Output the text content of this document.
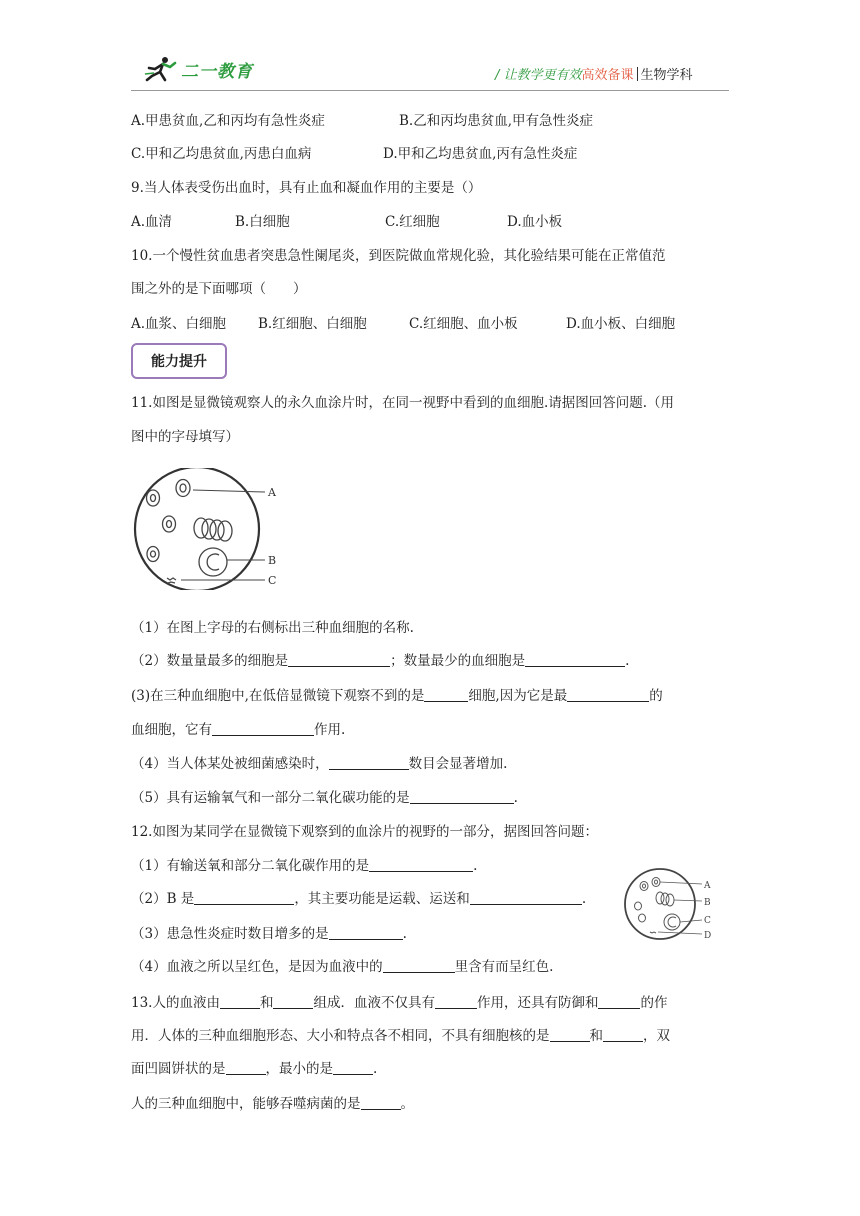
二一教育	/ 让教学更有效高效备课 生物学科
A.甲患贫血,乙和丙均有急性炎症	B.乙和丙均患贫血,甲有急性炎症
C.甲和乙均患贫血,丙患白血病	D.甲和乙均患贫血,丙有急性炎症
9.当人体表受伤出血时，具有止血和凝血作用的主要是（）
A.血清	B.白细胞	C.红细胞	D.血小板
10.一个慢性贫血患者突患急性阑尾炎，到医院做血常规化验，其化验结果可能在正常值范
围之外的是下面哪项（　　）
A.血浆、白细胞 B.红细胞、白细胞	C.红细胞、血小板	D.血小板、白细胞
能力提升
11.如图是显微镜观察人的永久血涂片时，在同一视野中看到的血细胞.请据图回答问题.（用
图中的字母填写）
A
B
C
（1）在图上字母的右侧标出三种血细胞的名称.
（2）数量量最多的细胞是	；数量最少的血细胞是	.
(3)在三种血细胞中,在低倍显微镜下观察不到的是	细胞,因为它是最	的
血细胞，它有	作用.
（4）当人体某处被细菌感染时，	数目会显著增加.
（5）具有运输氧气和一部分二氧化碳功能的是	.
12.如图为某同学在显微镜下观察到的血涂片的视野的一部分，据图回答问题：
（1）有输送氧和部分二氧化碳作用的是	.
（2）B 是	，其主要功能是运载、运送和	.
（3）患急性炎症时数目增多的是	.
（4）血液之所以呈红色，是因为血液中的	里含有而呈红色.
A
B
C
D
13.人的血液由	和	组成．血液不仅具有	作用，还具有防御和	的作
用．人体的三种血细胞形态、大小和特点各不相同，不具有细胞核的是	和	，双
面凹圆饼状的是	，最小的是	.
人的三种血细胞中，能够吞噬病菌的是	。
